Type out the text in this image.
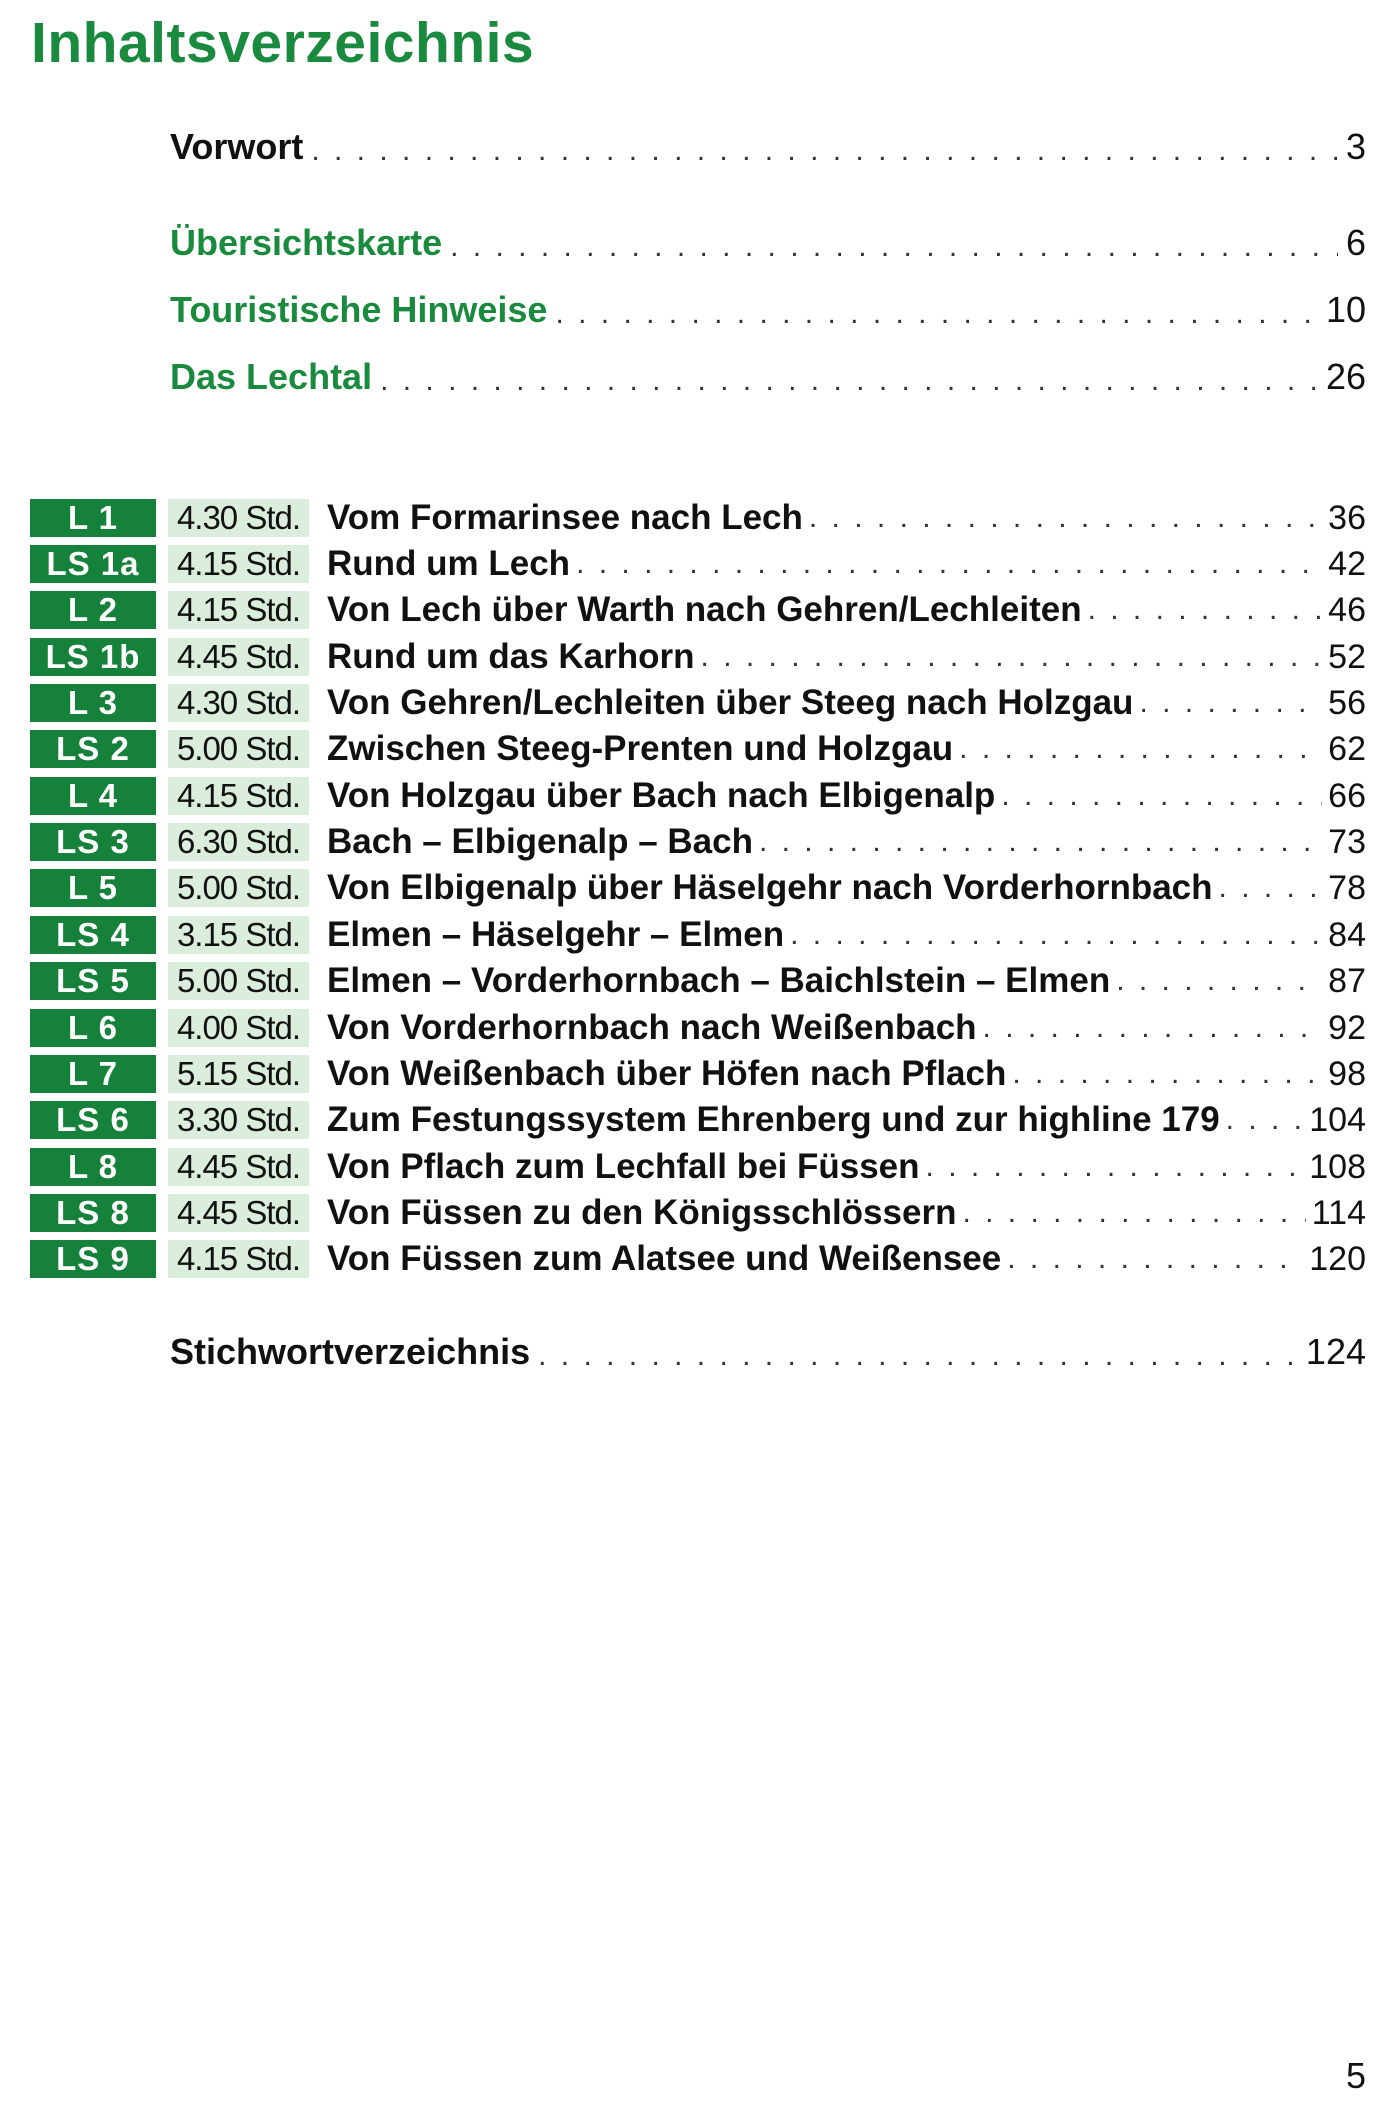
Inhaltsverzeichnis
Vorwort . . .	3
Übersichtskarte . . .	6
Touristische Hinweise . . .	10
Das Lechtal . . .	26
L 1	4.30 Std. Vom Formarinsee nach Lech . . .	36
LS 1a	4.15 Std. Rund um Lech . . .	42
L 2	4.15 Std. Von Lech über Warth nach Gehren/Lechleiten . . .	46
LS 1b	4.45 Std. Rund um das Karhorn . . .	52
L 3	4.30 Std. Von Gehren/Lechleiten über Steeg nach Holzgau . . .	56
LS 2	5.00 Std. Zwischen Steeg-Prenten und Holzgau . . .	62
L 4	4.15 Std. Von Holzgau über Bach nach Elbigenalp . . .	66
LS 3	6.30 Std. Bach – Elbigenalp – Bach . . .	73
L 5	5.00 Std. Von Elbigenalp über Häselgehr nach Vorderhornbach . . .	78
LS 4	3.15 Std. Elmen – Häselgehr – Elmen . . .	84
LS 5	5.00 Std. Elmen – Vorderhornbach – Baichlstein – Elmen . . .	87
L 6	4.00 Std. Von Vorderhornbach nach Weißenbach . . .	92
L 7	5.15 Std. Von Weißenbach über Höfen nach Pflach . . .	98
LS 6	3.30 Std. Zum Festungssystem Ehrenberg und zur highline 179 . . .	104
L 8	4.45 Std. Von Pflach zum Lechfall bei Füssen . . .	108
LS 8	4.45 Std. Von Füssen zu den Königsschlössern . . .	114
LS 9	4.15 Std. Von Füssen zum Alatsee und Weißensee . . .	120
Stichwortverzeichnis . . .	124
5
